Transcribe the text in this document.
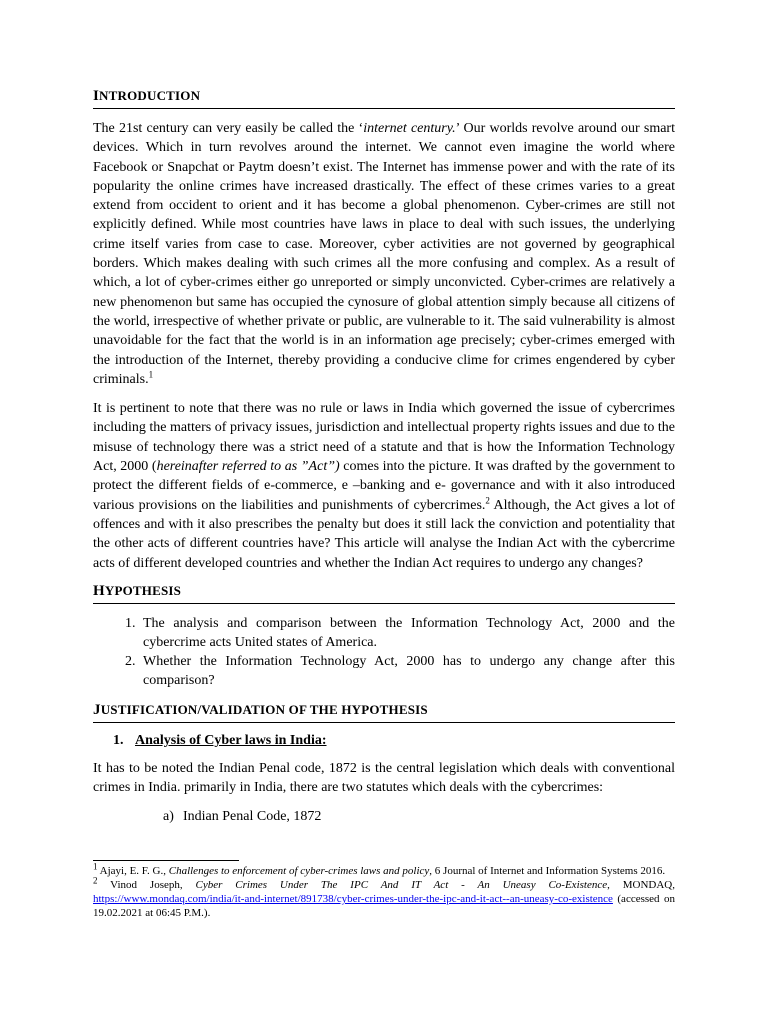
INTRODUCTION

The 21st century can very easily be called the ‘internet century.’ Our worlds revolve around our smart devices. Which in turn revolves around the internet. We cannot even imagine the world where Facebook or Snapchat or Paytm doesn’t exist. The Internet has immense power and with the rate of its popularity the online crimes have increased drastically. The effect of these crimes varies to a great extend from occident to orient and it has become a global phenomenon. Cyber-crimes are still not explicitly defined. While most countries have laws in place to deal with such issues, the underlying crime itself varies from case to case. Moreover, cyber activities are not governed by geographical borders. Which makes dealing with such crimes all the more confusing and complex. As a result of which, a lot of cyber-crimes either go unreported or simply unconvicted. Cyber-crimes are relatively a new phenomenon but same has occupied the cynosure of global attention simply because all citizens of the world, irrespective of whether private or public, are vulnerable to it. The said vulnerability is almost unavoidable for the fact that the world is in an information age precisely; cyber-crimes emerged with the introduction of the Internet, thereby providing a conducive clime for crimes engendered by cyber criminals.$^1$

It is pertinent to note that there was no rule or laws in India which governed the issue of cybercrimes including the matters of privacy issues, jurisdiction and intellectual property rights issues and due to the misuse of technology there was a strict need of a statute and that is how the Information Technology Act, 2000 (hereinafter referred to as ”Act”) comes into the picture. It was drafted by the government to protect the different fields of e-commerce, e –banking and e- governance and with it also introduced various provisions on the liabilities and punishments of cybercrimes.$^2$ Although, the Act gives a lot of offences and with it also prescribes the penalty but does it still lack the conviction and potentiality that the other acts of different countries have? This article will analyse the Indian Act with the cybercrime acts of different developed countries and whether the Indian Act requires to undergo any changes?

HYPOTHESIS
1. The analysis and comparison between the Information Technology Act, 2000 and the cybercrime acts United states of America.
2. Whether the Information Technology Act, 2000 has to undergo any change after this comparison?
JUSTIFICATION/VALIDATION OF THE HYPOTHESIS
1. Analysis of Cyber laws in India:

It has to be noted the Indian Penal code, 1872 is the central legislation which deals with conventional crimes in India. primarily in India, there are two statutes which deals with the cybercrimes:

a) Indian Penal Code, 1872

$^1$ Ajayi, E. F. G., Challenges to enforcement of cyber-crimes laws and policy, 6 Journal of Internet and Information Systems 2016.

$^2$ Vinod Joseph, Cyber Crimes Under The IPC And IT Act - An Uneasy Co-Existence, MONDAQ, https://www.mondaq.com/india/it-and-internet/891738/cyber-crimes-under-the-ipc-and-it-act--an-uneasy-co-existence (accessed on 19.02.2021 at 06:45 P.M.).
